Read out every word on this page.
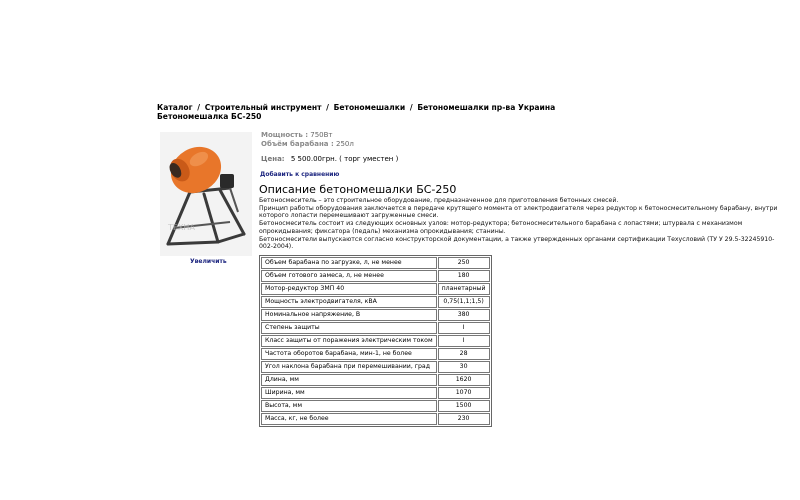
Каталог / Строительный инструмент / Бетономешалки / Бетономешалки пр-ва Украина
Бетономешалка БС-250
ТЕХНА
Увеличить
Мощность : 750Вт
Объём барабана : 250л
Цена: 5 500.00грн. ( торг уместен )
Добавить к сравнению
Описание бетономешалки БС-250

Бетоносмеситель – это строительное оборудование, предназначенное для приготовления бетонных смесей.

Принцип работы оборудования заключается в передаче крутящего момента от электродвигателя через редуктор к бетоносмесительному барабану, внутри которого лопасти перемешивают загруженные смеси.

Бетоносмеситель состоит из следующих основных узлов: мотор-редуктора; бетоносмесительного барабана с лопастями; штурвала с механизмом опрокидывания; фиксатора (педаль) механизма опрокидывания; станины.

Бетоносмесители выпускаются согласно конструкторской документации, а также утвержденных органами сертификации Техусловий (ТУ У 29.5-32245910-002-2004).

Объем барабана по загрузке, л, не менее	250
Объем готового замеса, л, не менее	180
Мотор-редуктор ЗМП 40	планетарный
Мощность электродвигателя, кВА	0,75(1,1;1,5)
Номинальное напряжение, В	380
Степень защиты	I
Класс защиты от поражения электрическим током	I
Частота оборотов барабана, мин-1, не более	28
Угол наклона барабана при перемешивании, град	30
Длина, мм	1620
Ширина, мм	1070
Высота, мм	1500
Масса, кг, не более	230
